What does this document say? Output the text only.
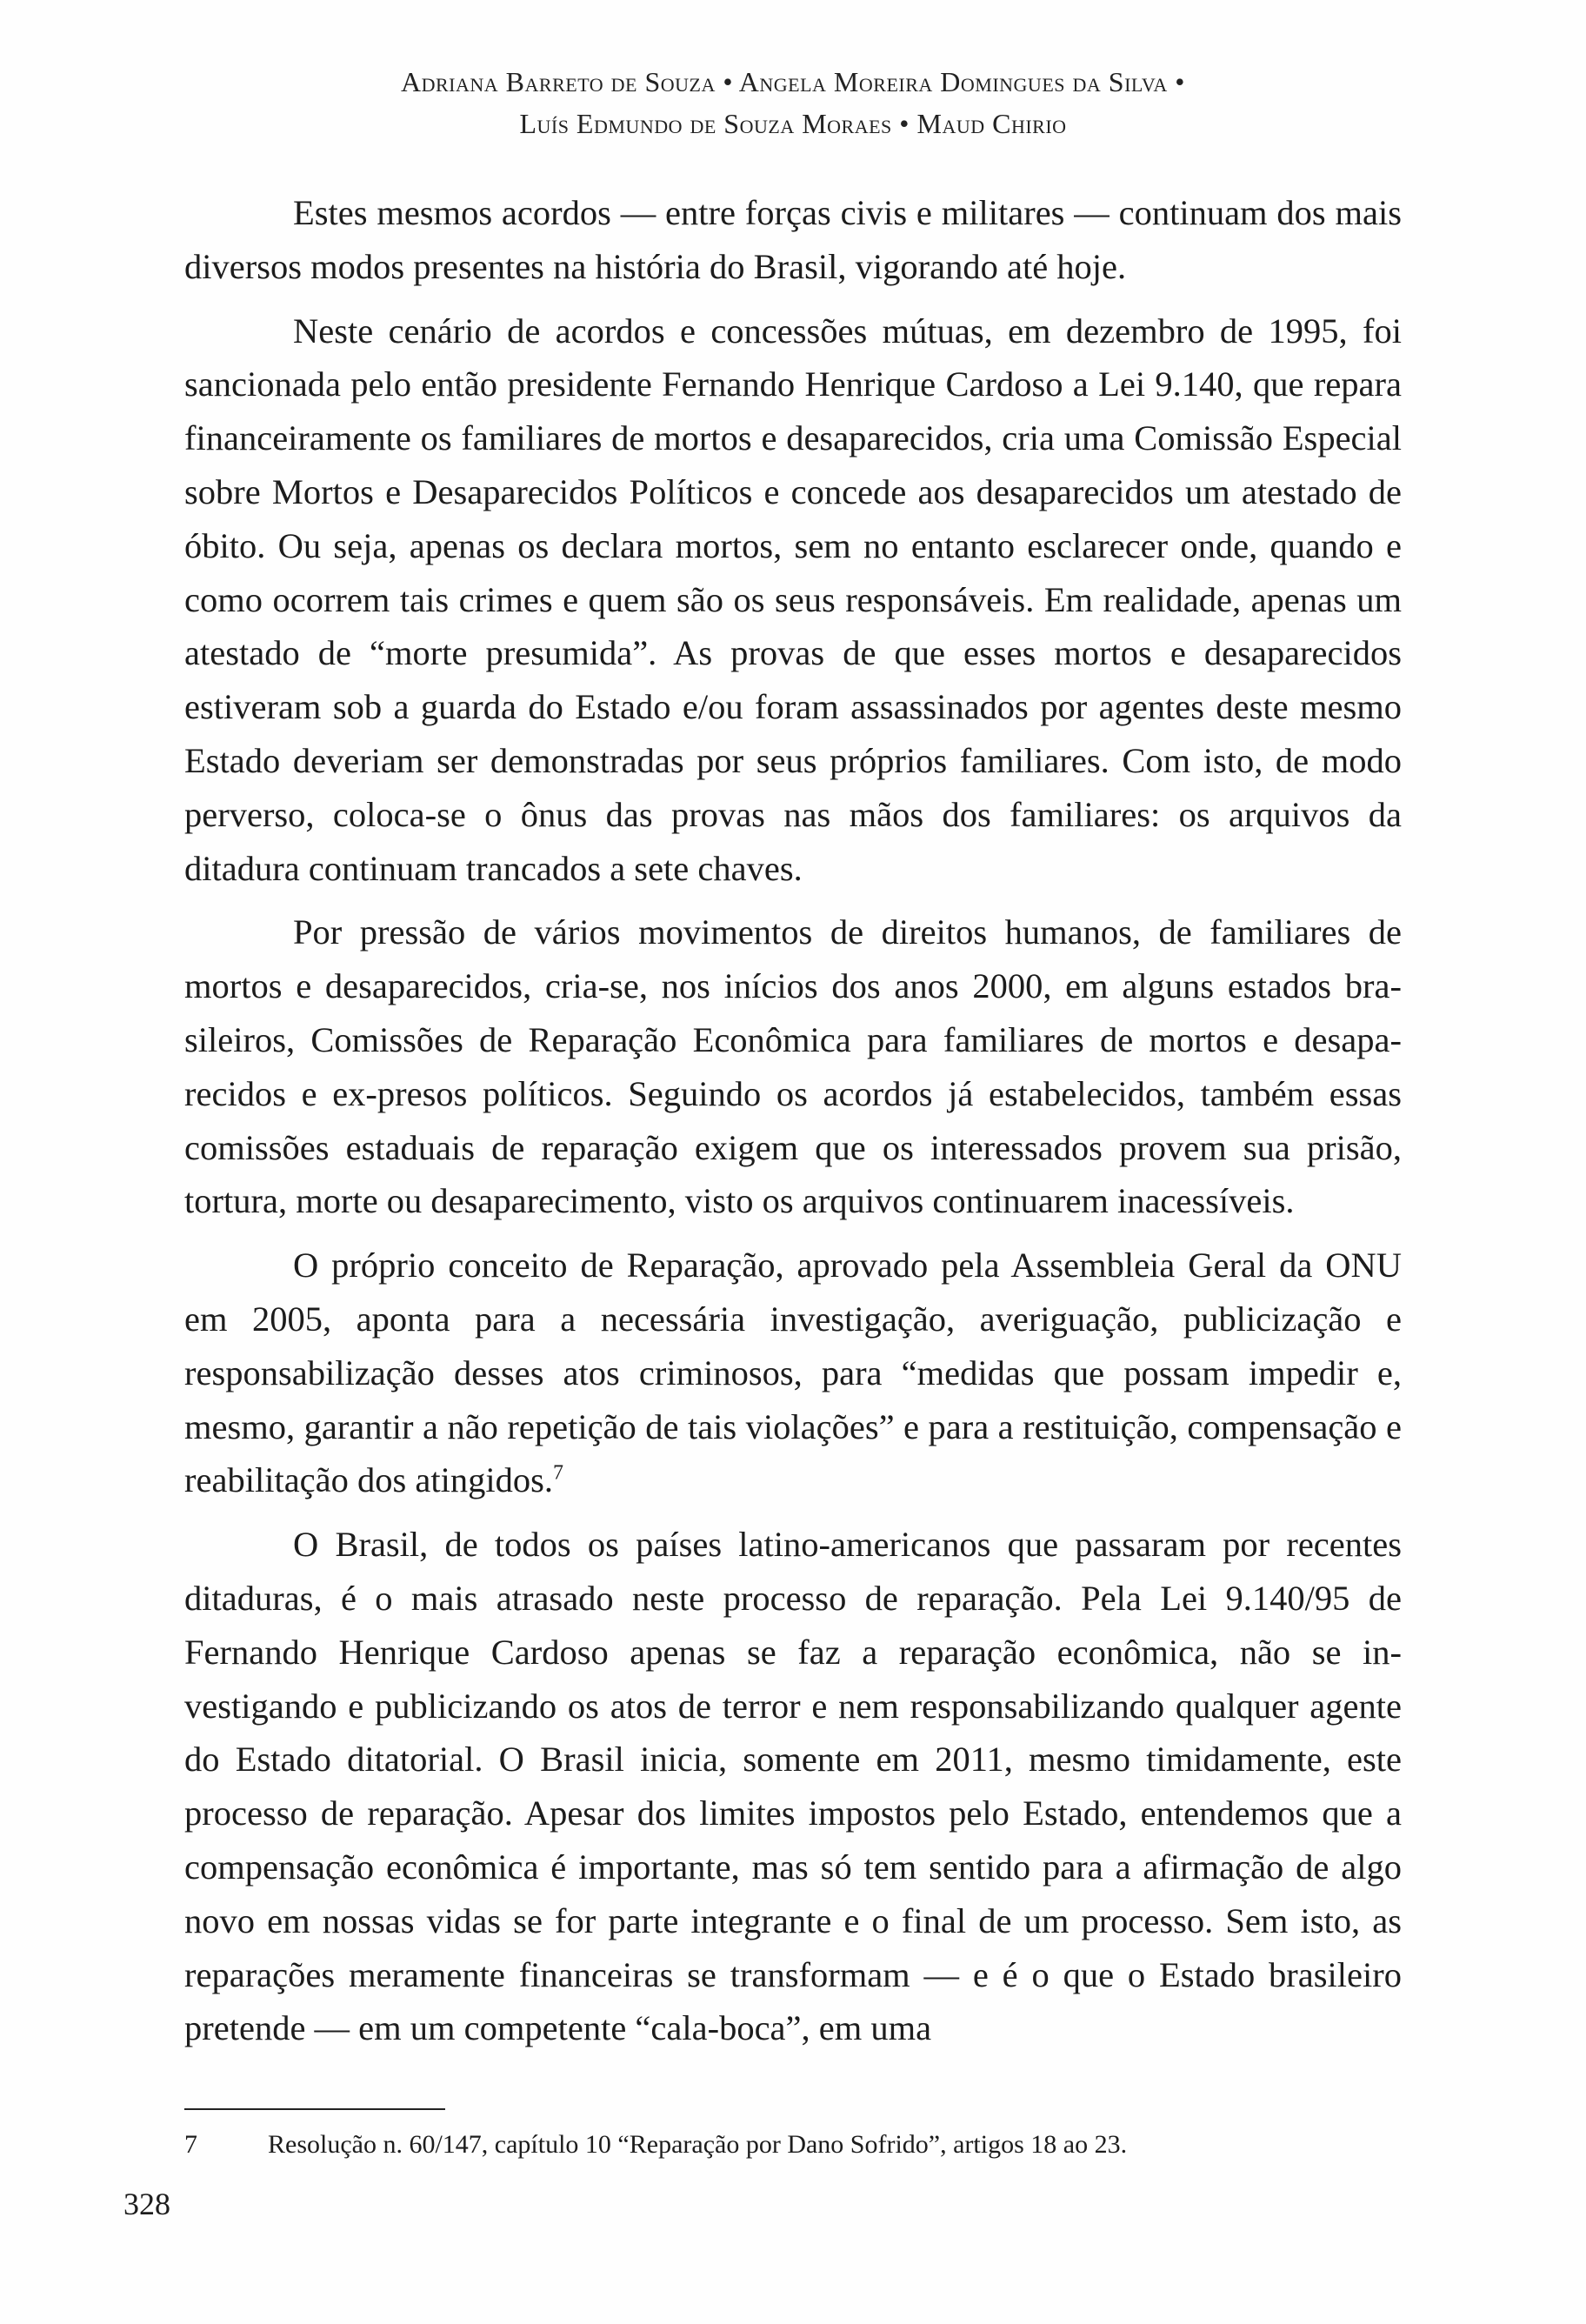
Adriana Barreto de Souza • Angela Moreira Domingues da Silva •
Luís Edmundo de Souza Moraes • Maud Chirio

Estes mesmos acordos — entre forças civis e militares — continuam dos mais diversos modos presentes na história do Brasil, vigorando até hoje.

Neste cenário de acordos e concessões mútuas, em dezembro de 1995, foi sancionada pelo então presidente Fernando Henrique Cardoso a Lei 9.140, que repara financeiramente os familiares de mortos e desaparecidos, cria uma Comissão Especial sobre Mortos e Desaparecidos Políticos e concede aos desaparecidos um atestado de óbito. Ou seja, apenas os declara mortos, sem no entanto esclarecer onde, quando e como ocorrem tais crimes e quem são os seus responsáveis. Em realidade, apenas um atestado de “morte presumida”. As provas de que esses mortos e desaparecidos estiveram sob a guarda do Estado e/ou foram assassinados por agentes deste mesmo Estado deveriam ser demonstradas por seus próprios familiares. Com isto, de modo perverso, coloca-se o ônus das provas nas mãos dos familiares: os arquivos da ditadura continuam trancados a sete chaves.

Por pressão de vários movimentos de direitos humanos, de familiares de mortos e desaparecidos, cria-se, nos inícios dos anos 2000, em alguns estados brasileiros, Comissões de Reparação Econômica para familiares de mortos e desaparecidos e ex-presos políticos. Seguindo os acordos já estabelecidos, também essas comissões estaduais de reparação exigem que os interessados provem sua prisão, tortura, morte ou desaparecimento, visto os arquivos continuarem inacessíveis.

O próprio conceito de Reparação, aprovado pela Assembleia Geral da ONU em 2005, aponta para a necessária investigação, averiguação, publicização e responsabilização desses atos criminosos, para “medidas que possam impedir e, mesmo, garantir a não repetição de tais violações” e para a restituição, compensação e reabilitação dos atingidos.$^7$

O Brasil, de todos os países latino-americanos que passaram por recentes ditaduras, é o mais atrasado neste processo de reparação. Pela Lei 9.140/95 de Fernando Henrique Cardoso apenas se faz a reparação econômica, não se investigando e publicizando os atos de terror e nem responsabilizando qualquer agente do Estado ditatorial. O Brasil inicia, somente em 2011, mesmo timidamente, este processo de reparação. Apesar dos limites impostos pelo Estado, entendemos que a compensação econômica é importante, mas só tem sentido para a afirmação de algo novo em nossas vidas se for parte integrante e o final de um processo. Sem isto, as reparações meramente financeiras se transformam — e é o que o Estado brasileiro pretende — em um competente “cala-boca”, em uma

7	Resolução n. 60/147, capítulo 10 “Reparação por Dano Sofrido”, artigos 18 ao 23.
328
